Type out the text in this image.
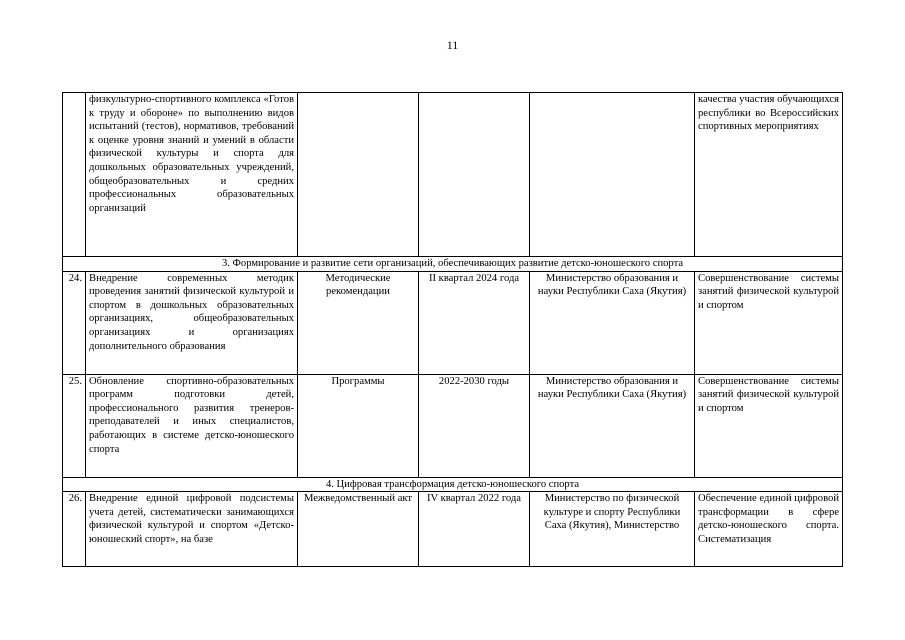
11
	физкультурно-спортивного комплекса «Готов к труду и обороне» по выполнению видов испытаний (тестов), нормативов, требований к оценке уровня знаний и умений в области физической культуры и спорта для дошкольных образовательных учреждений, общеобразовательных и средних профессиональных образовательных организаций				качества участия обучающихся республики во Всероссийских спортивных мероприятиях
3. Формирование и развитие сети организаций, обеспечивающих развитие детско-юношеского спорта					
24.	Внедрение современных методик проведения занятий физической культурой и спортом в дошкольных образовательных организациях, общеобразовательных организациях и организациях дополнительного образования	Методические рекомендации	II квартал 2024 года	Министерство образования и науки Республики Саха (Якутия)	Совершенствование системы занятий физической культурой и спортом
25.	Обновление спортивно-образовательных программ подготовки детей, профессионального развития тренеров-преподавателей и иных специалистов, работающих в системе детско-юношеского спорта	Программы	2022-2030 годы	Министерство образования и науки Республики Саха (Якутия)	Совершенствование системы занятий физической культурой и спортом
4. Цифровая трансформация детско-юношеского спорта					
26.	Внедрение единой цифровой подсистемы учета детей, систематически занимающихся физической культурой и спортом «Детско-юношеский спорт», на базе	Межведомственный акт	IV квартал 2022 года	Министерство по физической культуре и спорту Республики Саха (Якутия), Министерство	Обеспечение единой цифровой трансформации в сфере детско-юношеского спорта. Систематизация
